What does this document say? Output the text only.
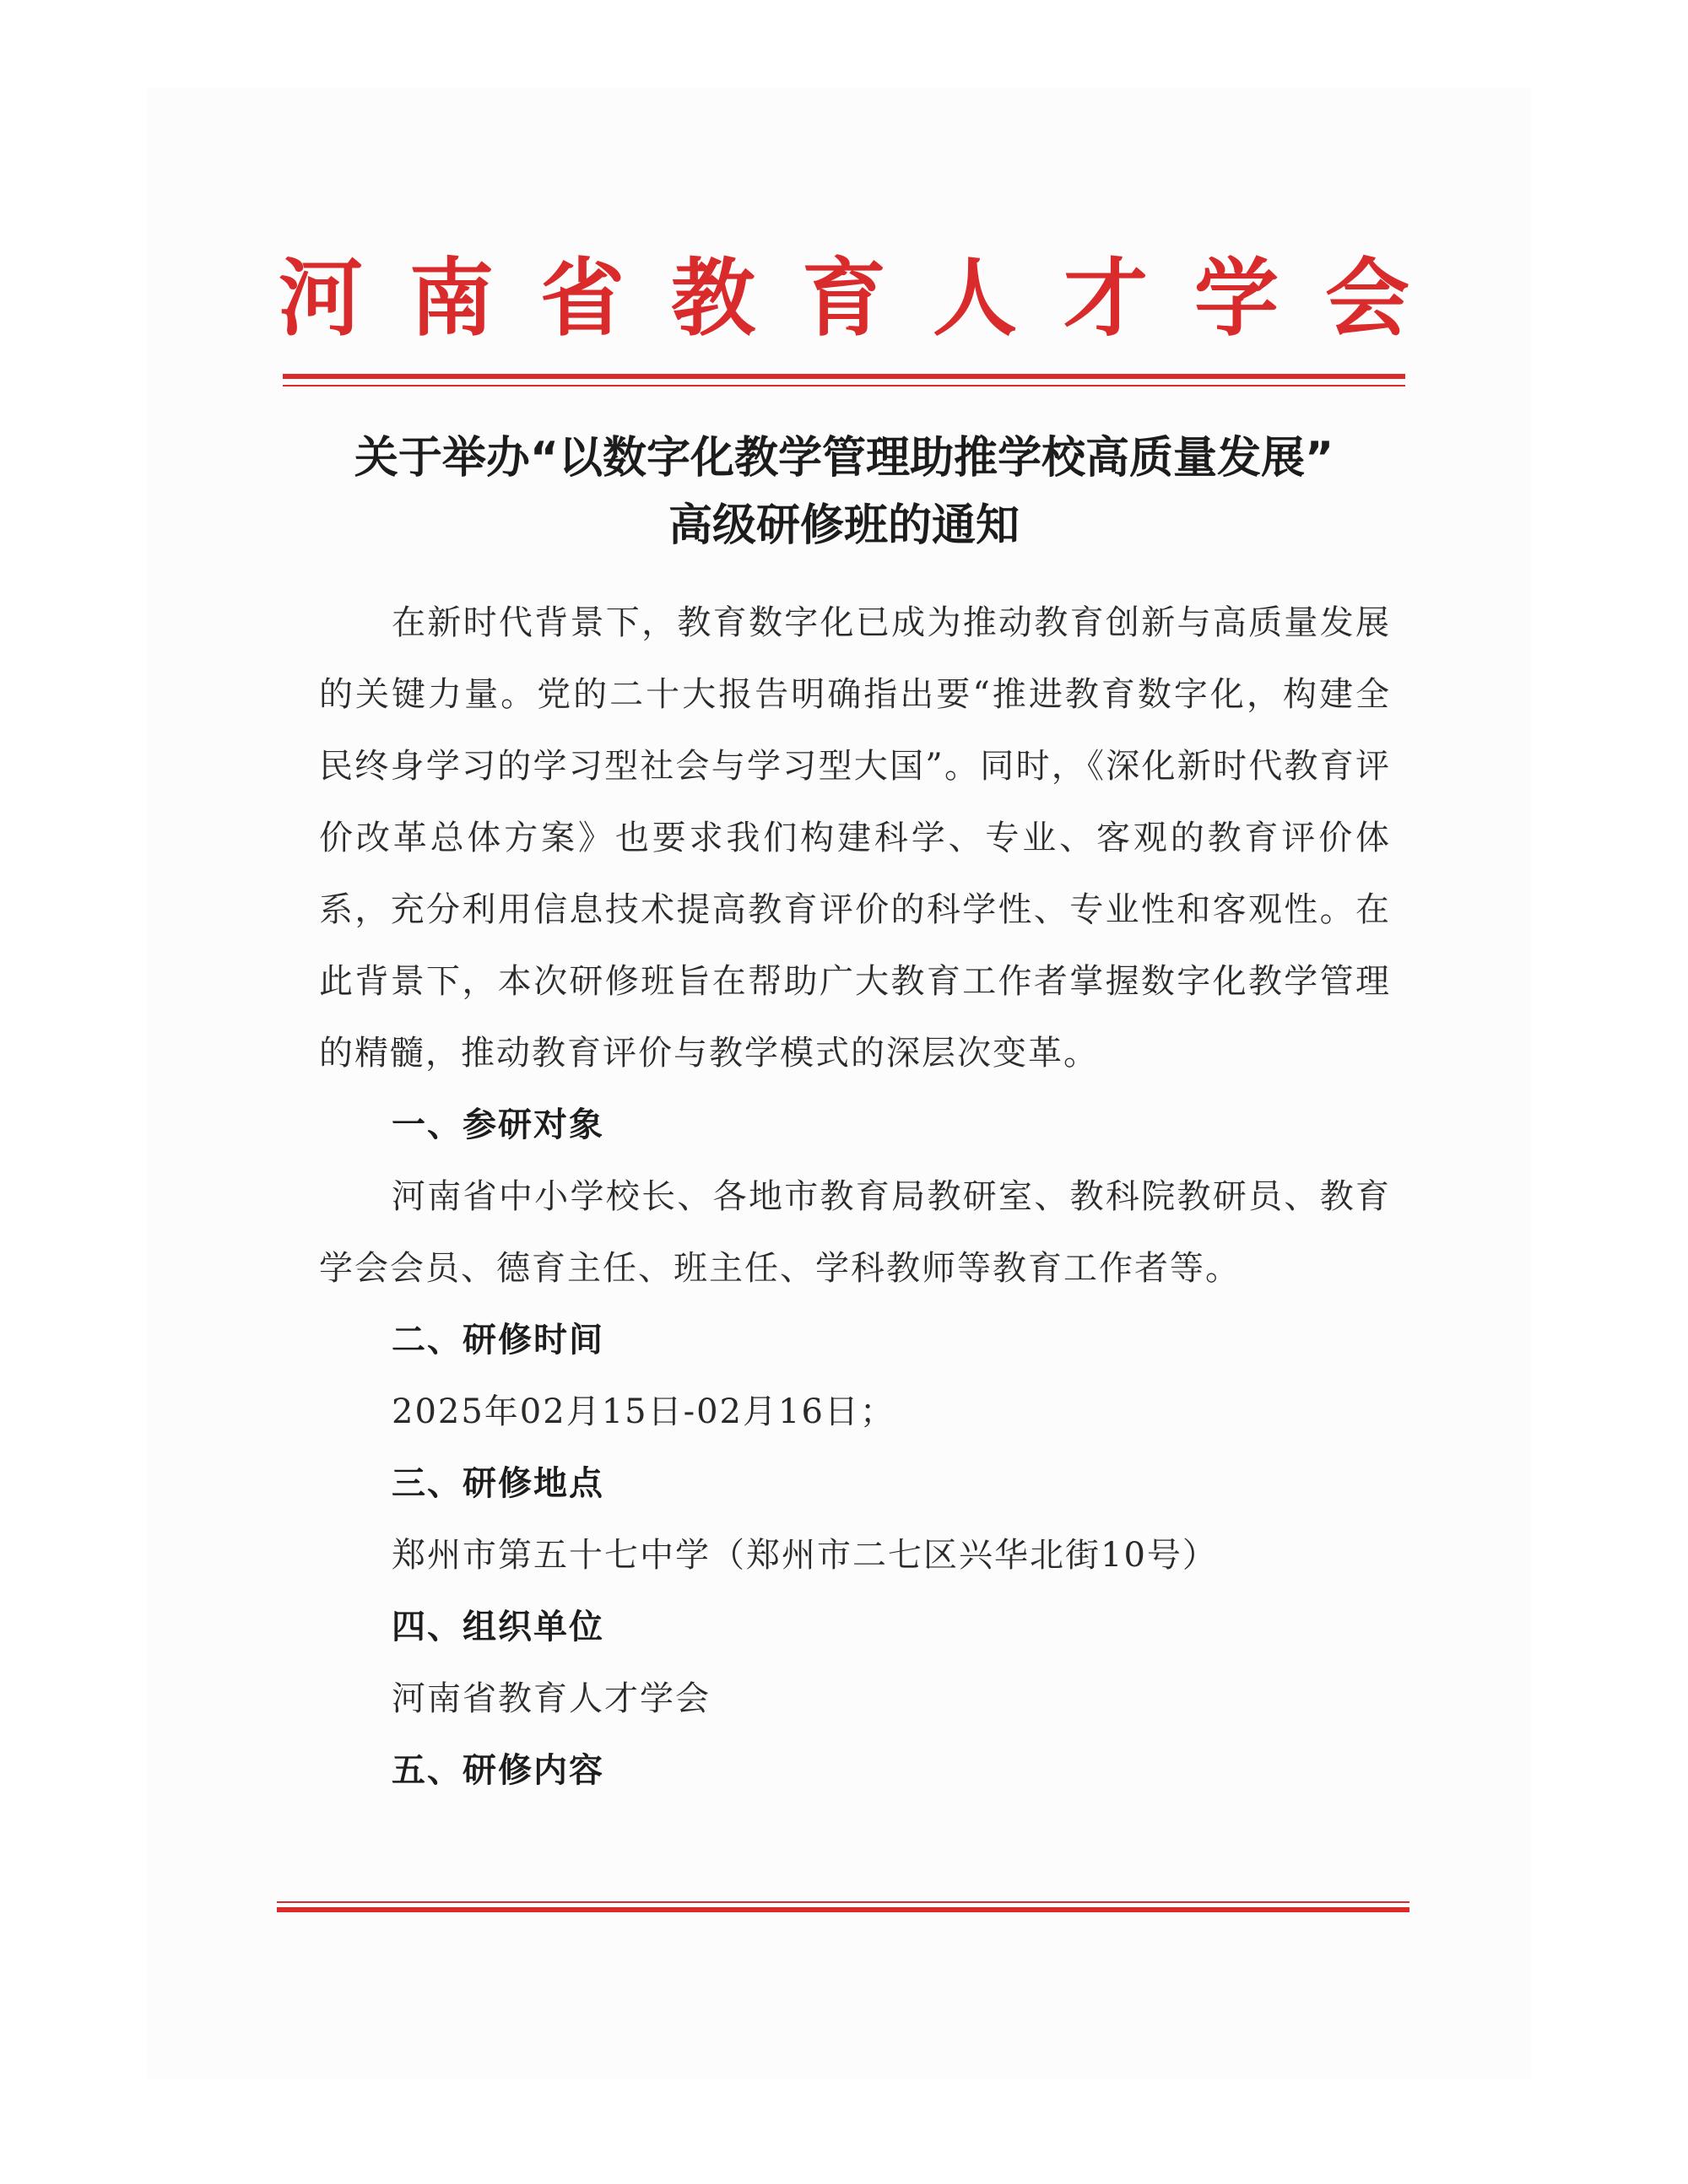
河南省教育人才学会
关于举办“以数字化教学管理助推学校高质量发展”
高级研修班的通知

在新时代背景下，教育数字化已成为推动教育创新与高质量发展的关键力量。党的二十大报告明确指出要“推进教育数字化，构建全民终身学习的学习型社会与学习型大国”。同时，《深化新时代教育评价改革总体方案》也要求我们构建科学、专业、客观的教育评价体系，充分利用信息技术提高教育评价的科学性、专业性和客观性。在此背景下，本次研修班旨在帮助广大教育工作者掌握数字化教学管理的精髓，推动教育评价与教学模式的深层次变革。

一、参研对象

河南省中小学校长、各地市教育局教研室、教科院教研员、教育学会会员、德育主任、班主任、学科教师等教育工作者等。

二、研修时间

2025年02月15日-02月16日；

三、研修地点

郑州市第五十七中学（郑州市二七区兴华北街10号）

四、组织单位

河南省教育人才学会

五、研修内容
